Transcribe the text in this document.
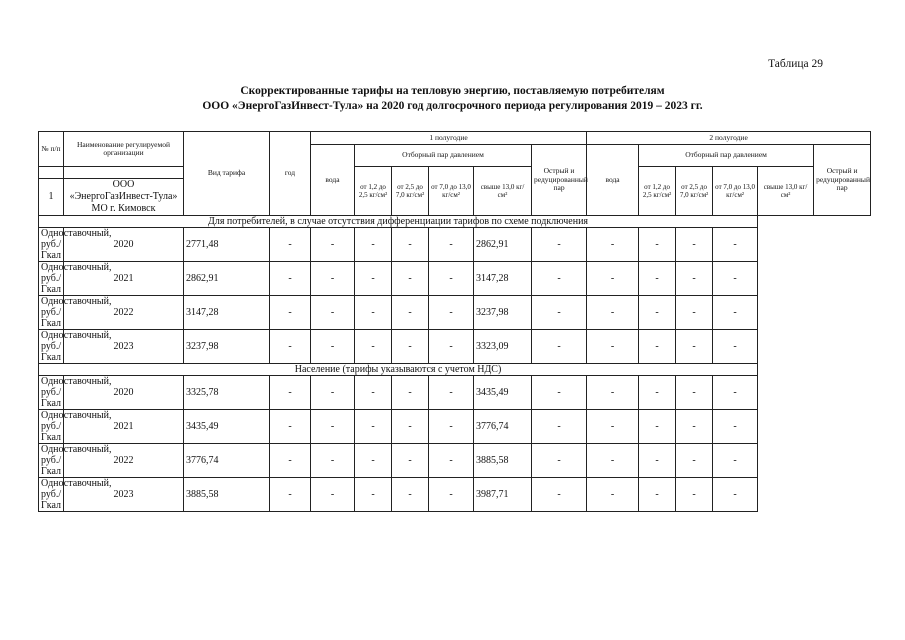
Таблица 29
Скорректированные тарифы на тепловую энергию, поставляемую потребителям
ООО «ЭнергоГазИнвест-Тула» на 2020 год долгосрочного периода регулирования 2019 – 2023 гг.
№ п/п	Наименование регулируемой организации	Вид тарифа	год	1 полугодие						2 полугодие					
				вода	Отборный пар давлением				Острый и редуцированный пар	вода	Отборный пар давлением				Острый и редуцированный пар
					от 1,2 до 2,5 кг/см²	от 2,5 до 7,0 кг/см²	от 7,0 до 13,0 кг/см²	свыше 13,0 кг/см²			от 1,2 до 2,5 кг/см²	от 2,5 до 7,0 кг/см²	от 7,0 до 13,0 кг/см²	свыше 13,0 кг/см²	
1	ООО
«ЭнергоГазИнвест-Тула»
МО г. Кимовск														

Для потребителей, в случае отсутствия дифференциации тарифов по схеме подключения															
Одноставочный, руб./Гкал	2020	2771,48	-	-	-	-	-	2862,91	-	-	-	-	-		
Одноставочный, руб./Гкал	2021	2862,91	-	-	-	-	-	3147,28	-	-	-	-	-		
Одноставочный, руб./Гкал	2022	3147,28	-	-	-	-	-	3237,98	-	-	-	-	-		
Одноставочный, руб./Гкал	2023	3237,98	-	-	-	-	-	3323,09	-	-	-	-	-		
Население (тарифы указываются с учетом НДС)															
Одноставочный, руб./Гкал	2020	3325,78	-	-	-	-	-	3435,49	-	-	-	-	-		
Одноставочный, руб./Гкал	2021	3435,49	-	-	-	-	-	3776,74	-	-	-	-	-		
Одноставочный, руб./Гкал	2022	3776,74	-	-	-	-	-	3885,58	-	-	-	-	-		
Одноставочный, руб./Гкал	2023	3885,58	-	-	-	-	-	3987,71	-	-	-	-	-		
